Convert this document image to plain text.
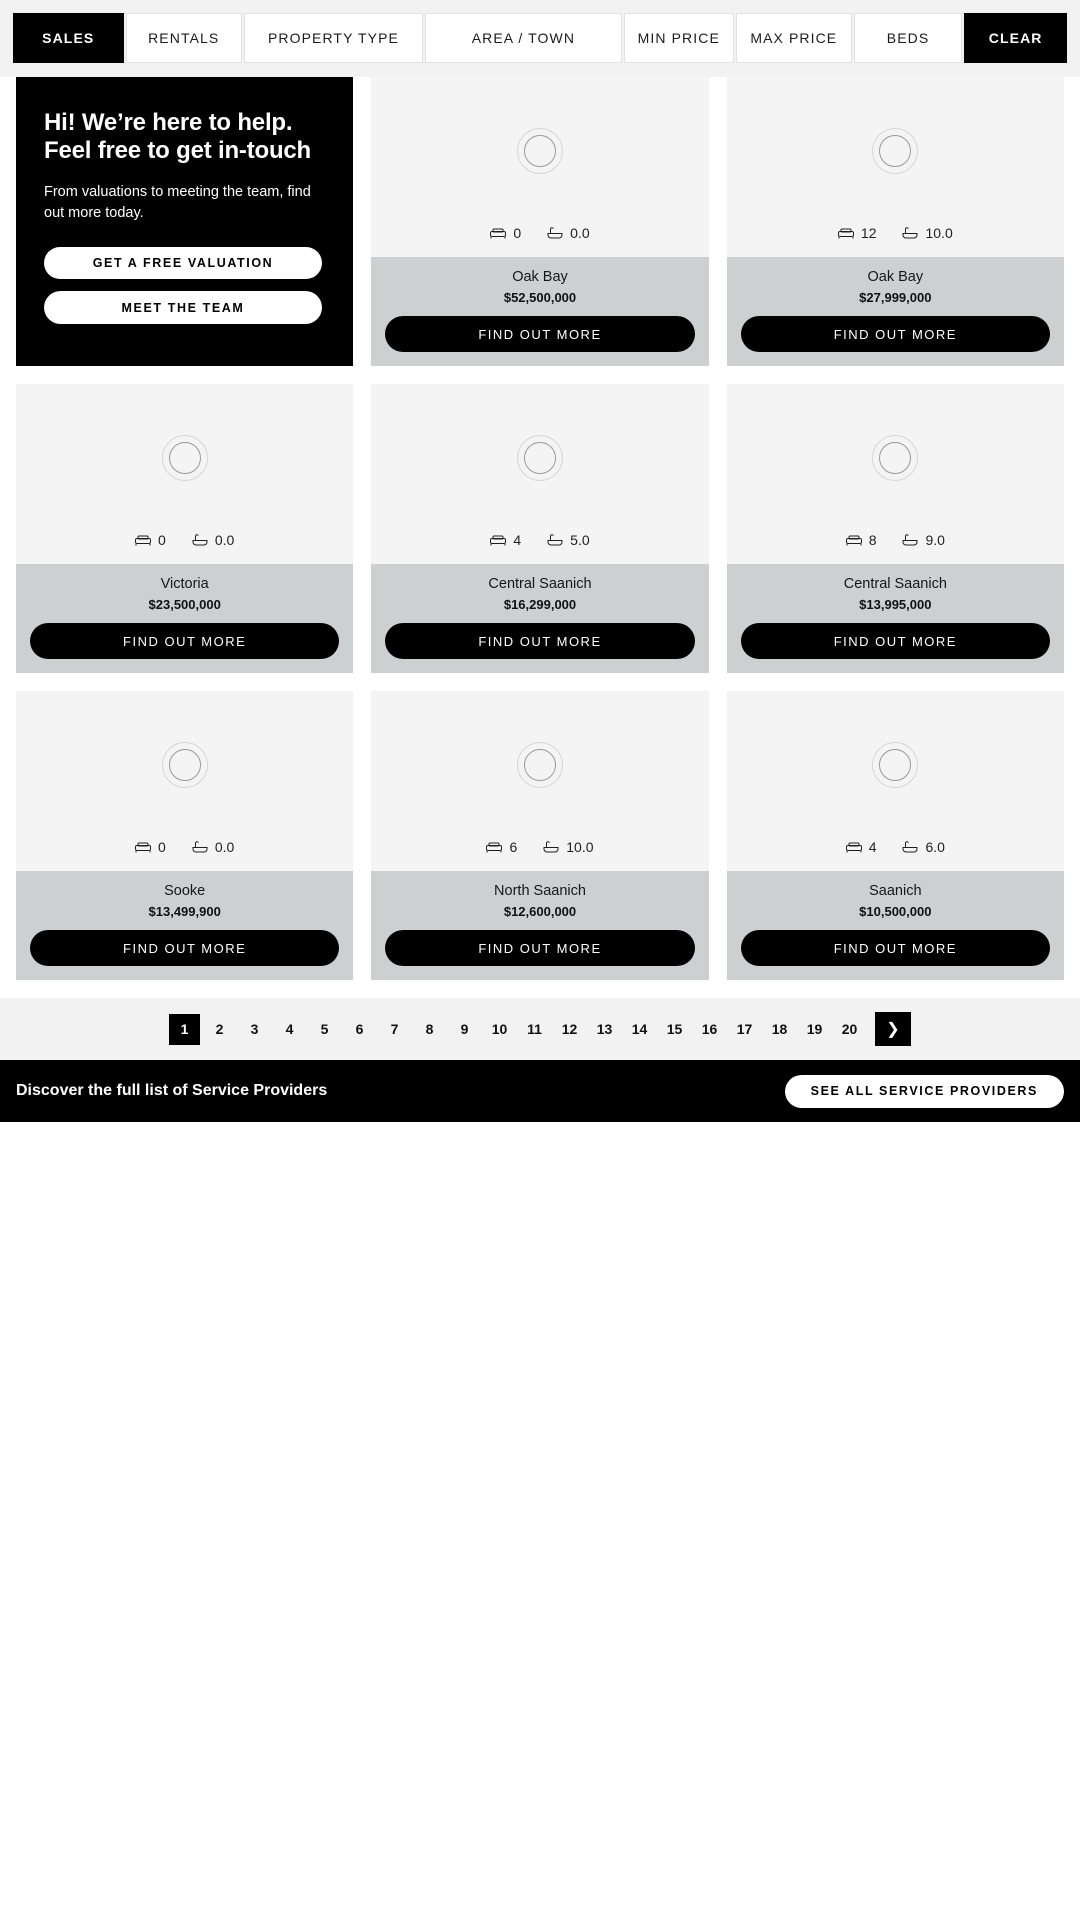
SALES	RENTALS	PROPERTY TYPE	AREA / TOWN	MIN PRICE MAX PRICE	BEDS	CLEAR
Hi! We’re here to help. Feel free to get in-touch

From valuations to meeting the team, find out more today.

GET A FREE VALUATION
MEET THE TEAM
0	0.0
Oak Bay
$52,500,000
FIND OUT MORE
12	10.0
Oak Bay
$27,999,000
FIND OUT MORE
0	0.0
Victoria
$23,500,000
FIND OUT MORE
4	5.0
Central Saanich
$16,299,000
FIND OUT MORE
8	9.0
Central Saanich
$13,995,000
FIND OUT MORE
0	0.0
Sooke
$13,499,900
FIND OUT MORE
6	10.0
North Saanich
$12,600,000
FIND OUT MORE
4	6.0
Saanich
$10,500,000
FIND OUT MORE
1 2 3 4 5 6 7 8 9 10 11 12 13 14 15 16 17 18 19 20 ❯
Discover the full list of Service Providers	SEE ALL SERVICE PROVIDERS
